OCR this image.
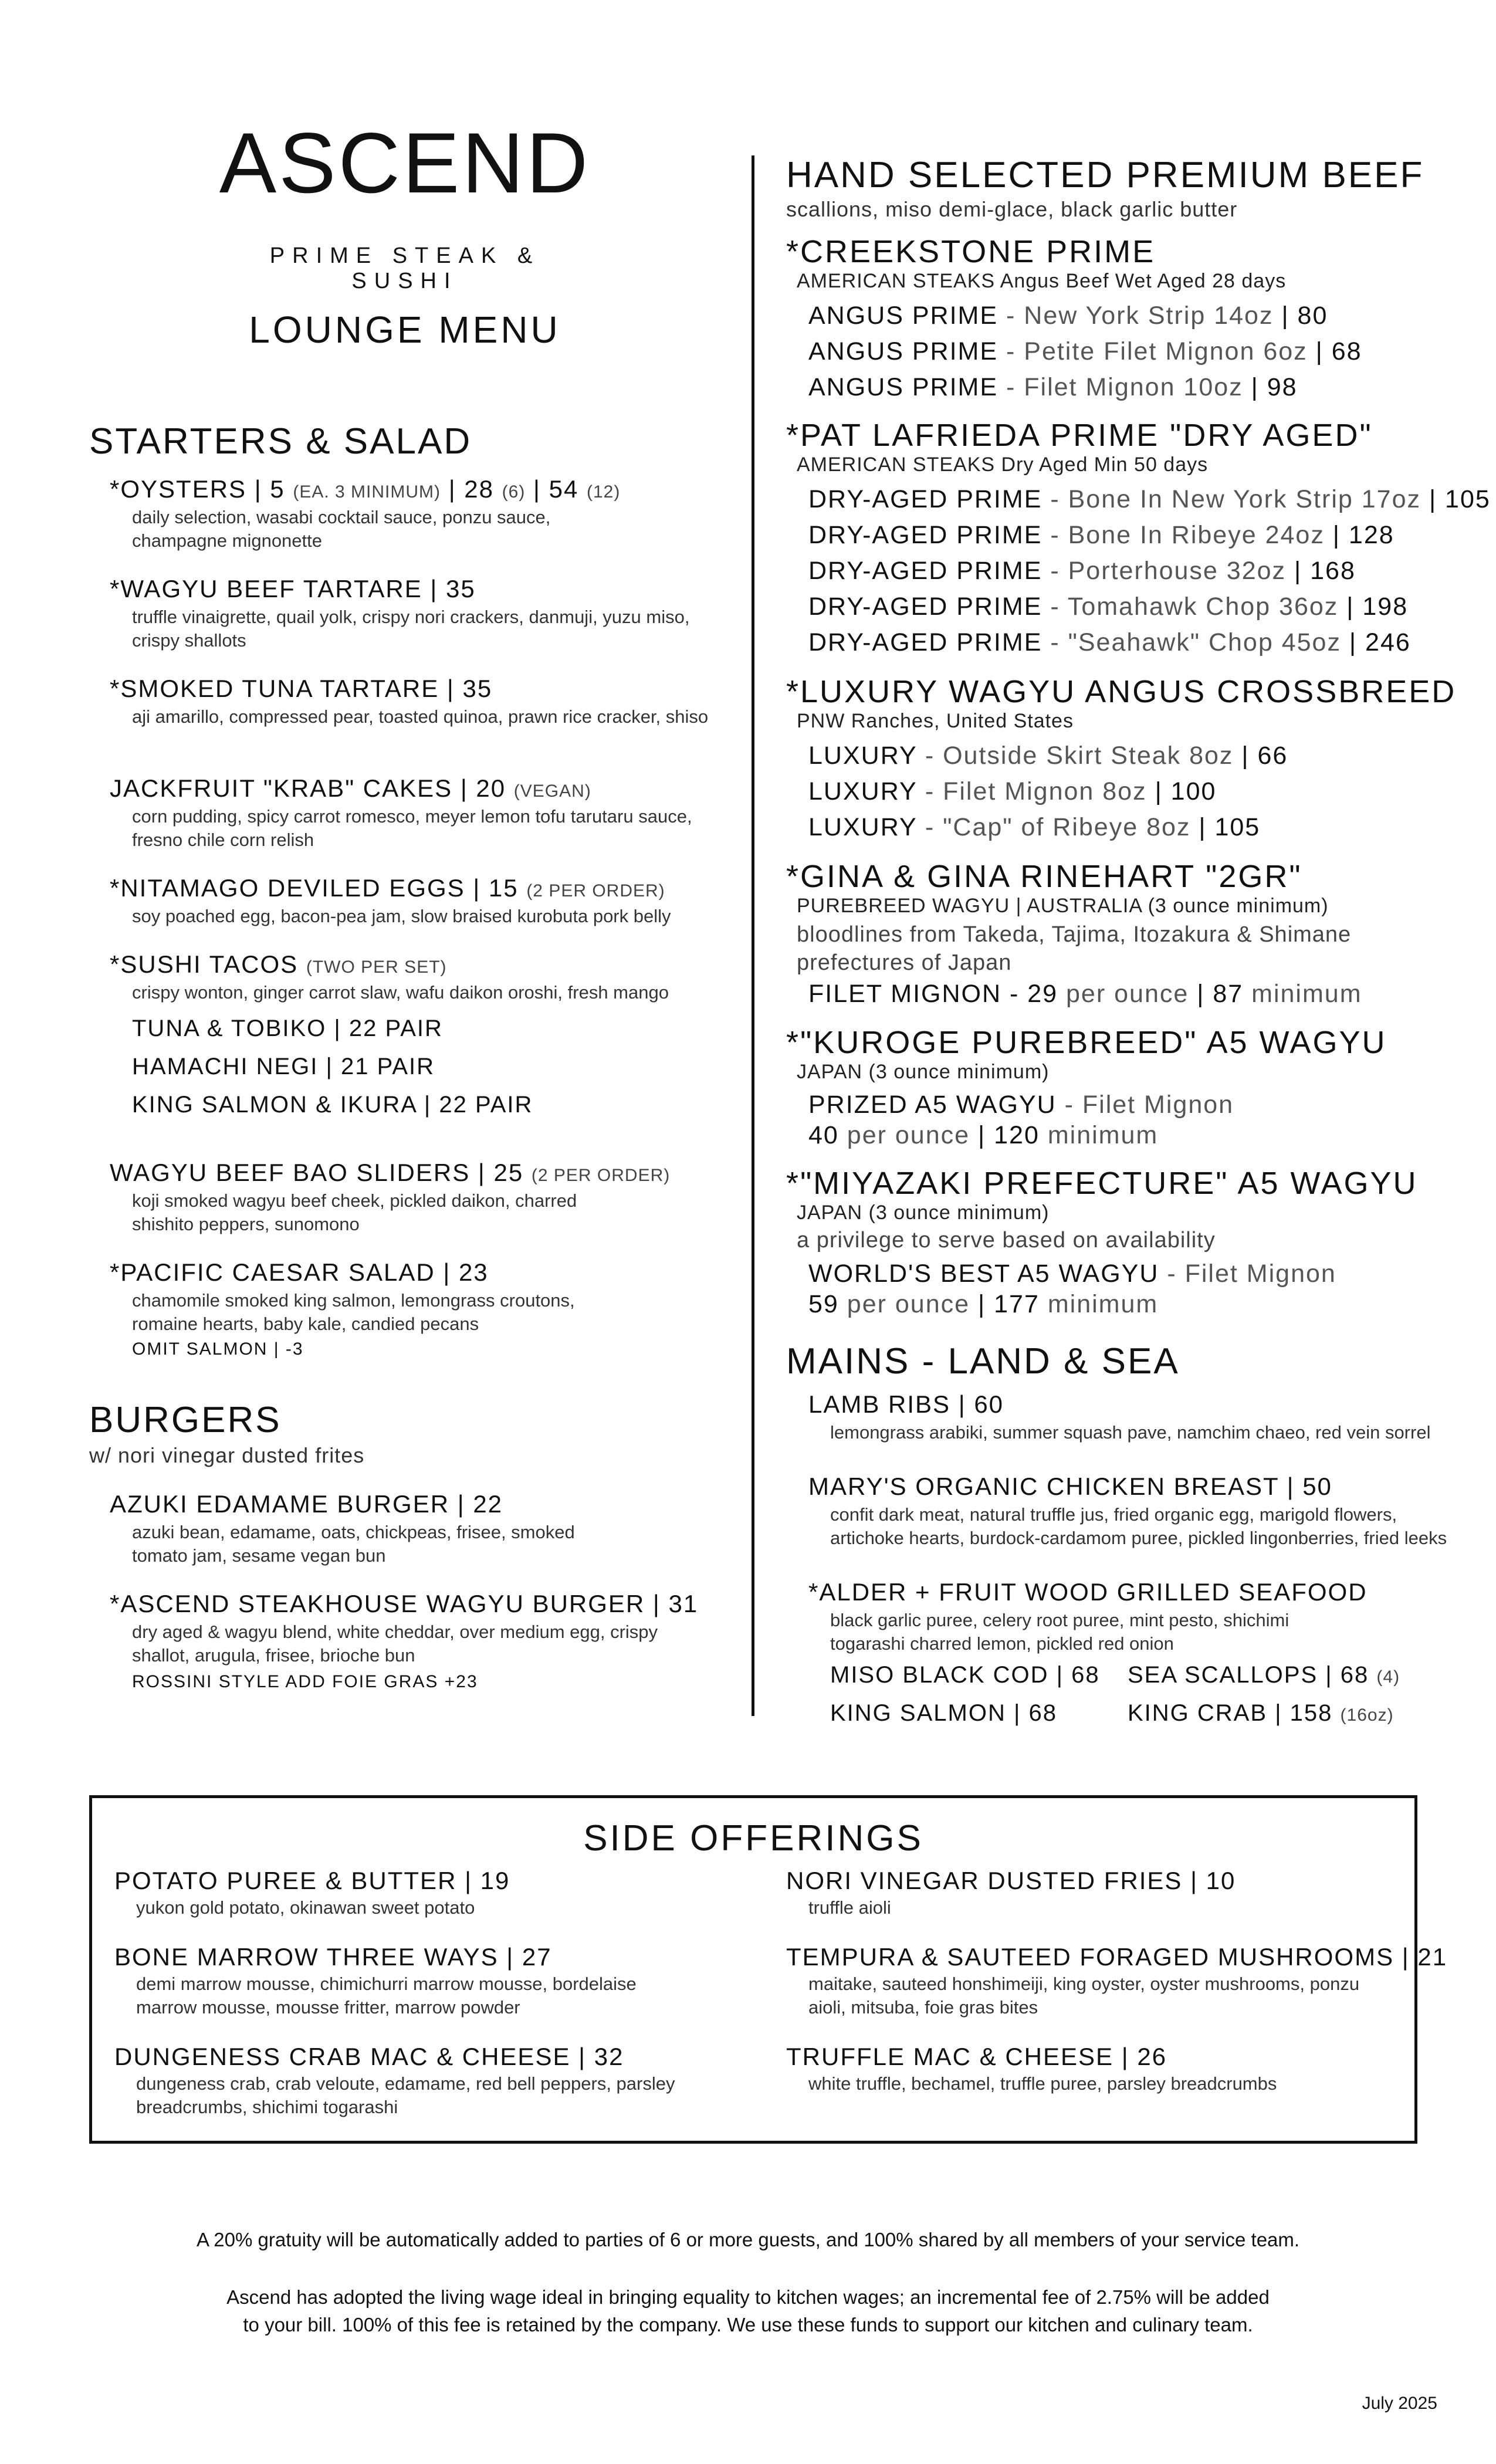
ASCEND
PRIME STEAK & SUSHI
LOUNGE MENU
STARTERS & SALAD
*OYSTERS | 5 (EA. 3 MINIMUM) | 28 (6) | 54 (12)
daily selection, wasabi cocktail sauce, ponzu sauce, champagne mignonette
*WAGYU BEEF TARTARE | 35
truffle vinaigrette, quail yolk, crispy nori crackers, danmuji, yuzu miso, crispy shallots
*SMOKED TUNA TARTARE | 35
aji amarillo, compressed pear, toasted quinoa, prawn rice cracker, shiso
JACKFRUIT "KRAB" CAKES | 20 (VEGAN)
corn pudding, spicy carrot romesco, meyer lemon tofu tarutaru sauce, fresno chile corn relish
*NITAMAGO DEVILED EGGS | 15 (2 PER ORDER)
soy poached egg, bacon-pea jam, slow braised kurobuta pork belly
*SUSHI TACOS (TWO PER SET)
crispy wonton, ginger carrot slaw, wafu daikon oroshi, fresh mango
TUNA & TOBIKO | 22 PAIR
HAMACHI NEGI | 21 PAIR
KING SALMON & IKURA | 22 PAIR
WAGYU BEEF BAO SLIDERS | 25 (2 PER ORDER)
koji smoked wagyu beef cheek, pickled daikon, charred shishito peppers, sunomono
*PACIFIC CAESAR SALAD | 23
chamomile smoked king salmon, lemongrass croutons, romaine hearts, baby kale, candied pecans
OMIT SALMON | -3
BURGERS
w/ nori vinegar dusted frites
AZUKI EDAMAME BURGER | 22
azuki bean, edamame, oats, chickpeas, frisee, smoked tomato jam, sesame vegan bun
*ASCEND STEAKHOUSE WAGYU BURGER | 31
dry aged & wagyu blend, white cheddar, over medium egg, crispy shallot, arugula, frisee, brioche bun
ROSSINI STYLE ADD FOIE GRAS +23
HAND SELECTED PREMIUM BEEF
scallions, miso demi-glace, black garlic butter
*CREEKSTONE PRIME
AMERICAN STEAKS Angus Beef Wet Aged 28 days
ANGUS PRIME - New York Strip 14oz | 80
ANGUS PRIME - Petite Filet Mignon 6oz | 68
ANGUS PRIME - Filet Mignon 10oz | 98
*PAT LAFRIEDA PRIME "DRY AGED"
AMERICAN STEAKS Dry Aged Min 50 days
DRY-AGED PRIME - Bone In New York Strip 17oz | 105
DRY-AGED PRIME - Bone In Ribeye 24oz | 128
DRY-AGED PRIME - Porterhouse 32oz | 168
DRY-AGED PRIME - Tomahawk Chop 36oz | 198
DRY-AGED PRIME - "Seahawk" Chop 45oz | 246
*LUXURY WAGYU ANGUS CROSSBREED
PNW Ranches, United States
LUXURY - Outside Skirt Steak 8oz | 66
LUXURY - Filet Mignon 8oz | 100
LUXURY - "Cap" of Ribeye 8oz | 105
*GINA & GINA RINEHART "2GR"
PUREBREED WAGYU | AUSTRALIA (3 ounce minimum)
bloodlines from Takeda, Tajima, Itozakura & Shimane
prefectures of Japan
FILET MIGNON - 29 per ounce | 87 minimum
*"KUROGE PUREBREED" A5 WAGYU
JAPAN (3 ounce minimum)
PRIZED A5 WAGYU - Filet Mignon
40 per ounce | 120 minimum
*"MIYAZAKI PREFECTURE" A5 WAGYU
JAPAN (3 ounce minimum)
a privilege to serve based on availability
WORLD'S BEST A5 WAGYU - Filet Mignon
59 per ounce | 177 minimum
MAINS - LAND & SEA
LAMB RIBS | 60
lemongrass arabiki, summer squash pave, namchim chaeo, red vein sorrel
MARY'S ORGANIC CHICKEN BREAST | 50
confit dark meat, natural truffle jus, fried organic egg, marigold flowers, artichoke hearts, burdock-cardamom puree, pickled lingonberries, fried leeks
*ALDER + FRUIT WOOD GRILLED SEAFOOD
black garlic puree, celery root puree, mint pesto, shichimi togarashi charred lemon, pickled red onion
MISO BLACK COD | 68 SEA SCALLOPS | 68 (4)
KING SALMON | 68	KING CRAB | 158 (16oz)
SIDE OFFERINGS
POTATO PUREE & BUTTER | 19
yukon gold potato, okinawan sweet potato
NORI VINEGAR DUSTED FRIES | 10
truffle aioli
BONE MARROW THREE WAYS | 27
demi marrow mousse, chimichurri marrow mousse, bordelaise marrow mousse, mousse fritter, marrow powder
TEMPURA & SAUTEED FORAGED MUSHROOMS | 21
maitake, sauteed honshimeiji, king oyster, oyster mushrooms, ponzu aioli, mitsuba, foie gras bites
DUNGENESS CRAB MAC & CHEESE | 32
dungeness crab, crab veloute, edamame, red bell peppers, parsley breadcrumbs, shichimi togarashi
TRUFFLE MAC & CHEESE | 26
white truffle, bechamel, truffle puree, parsley breadcrumbs
A 20% gratuity will be automatically added to parties of 6 or more guests, and 100% shared by all members of your service team.
Ascend has adopted the living wage ideal in bringing equality to kitchen wages; an incremental fee of 2.75% will be added
to your bill. 100% of this fee is retained by the company. We use these funds to support our kitchen and culinary team.
July 2025
